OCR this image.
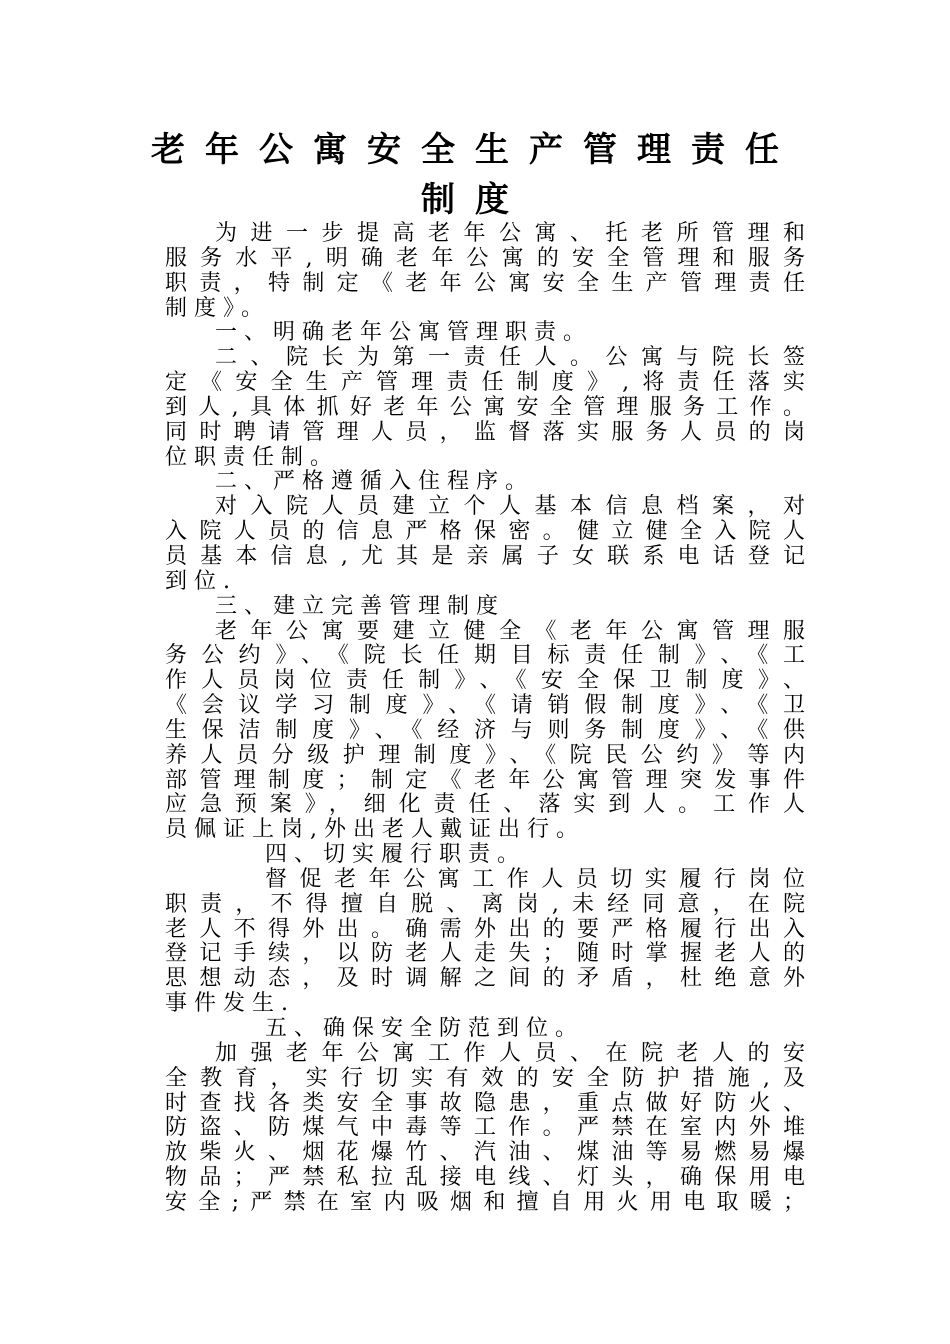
老年公寓安全生产管理责任
制度
为进一步提高老年公寓、托老所管理和
服务水平,明确老年公寓的安全管理和服务
职责，特制定《老年公寓安全生产管理责任
制度》。
一、明确老年公寓管理职责。
二、院长为第一责任人。公寓与院长签
定《安全生产管理责任制度》,将责任落实
到人,具体抓好老年公寓安全管理服务工作。
同时聘请管理人员，监督落实服务人员的岗
位职责任制。
二、严格遵循入住程序。
对入院人员建立个人基本信息档案，对
入院人员的信息严格保密。健立健全入院人
员基本信息,尤其是亲属子女联系电话登记
到位.
三、建立完善管理制度
老年公寓要建立健全《老年公寓管理服
务公约》、《院长任期目标责任制》、《工
作人员岗位责任制》、《安全保卫制度》、
《会议学习制度》、《请销假制度》、《卫
生保洁制度》、《经济与则务制度》、《供
养人员分级护理制度》、《院民公约》等内
部管理制度；制定《老年公寓管理突发事件
应急预案》，细化责任、落实到人。工作人
员佩证上岗,外出老人戴证出行。
四、切实履行职责。
督促老年公寓工作人员切实履行岗位
职责，不得擅自脱、离岗,未经同意，在院
老人不得外出。确需外出的要严格履行出入
登记手续，以防老人走失；随时掌握老人的
思想动态，及时调解之间的矛盾，杜绝意外
事件发生.
五、确保安全防范到位。
加强老年公寓工作人员、在院老人的安
全教育，实行切实有效的安全防护措施,及
时查找各类安全事故隐患，重点做好防火、
防盗、防煤气中毒等工作。严禁在室内外堆
放柴火、烟花爆竹、汽油、煤油等易燃易爆
物品；严禁私拉乱接电线、灯头，确保用电
安全;严禁在室内吸烟和擅自用火用电取暖；
